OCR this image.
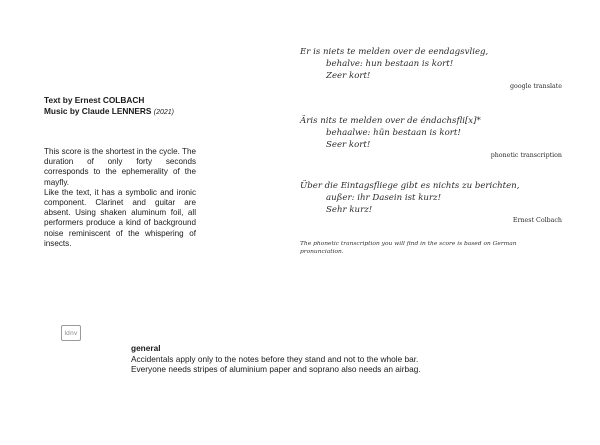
Text by Ernest COLBACH
Music by Claude LENNERS (2021)

This score is the shortest in the cycle. The duration of only forty seconds corresponds to the ephemerality of the mayfly.

Like the text, it has a symbolic and ironic component. Clarinet and guitar are absent. Using shaken aluminum foil, all performers produce a kind of background noise reminiscent of the whispering of insects.

Er is niets te melden over de eendagsvlieg,
behalve: hun bestaan is kort!
Zeer kort!
google translate
Äris nits te melden over de éndachsfli[x]*
behaalwe: hün bestaan is kort!
Seer kort!
phonetic transcription
Über die Eintagsfliege gibt es nichts zu berichten,
außer: ihr Dasein ist kurz!
Sehr kurz!
Ernest Colbach
The phonetic transcription you will find in the score is based on German pronunciation.
ldnv
general
Accidentals apply only to the notes before they stand and not to the whole bar.
Everyone needs stripes of aluminium paper and soprano also needs an airbag.
